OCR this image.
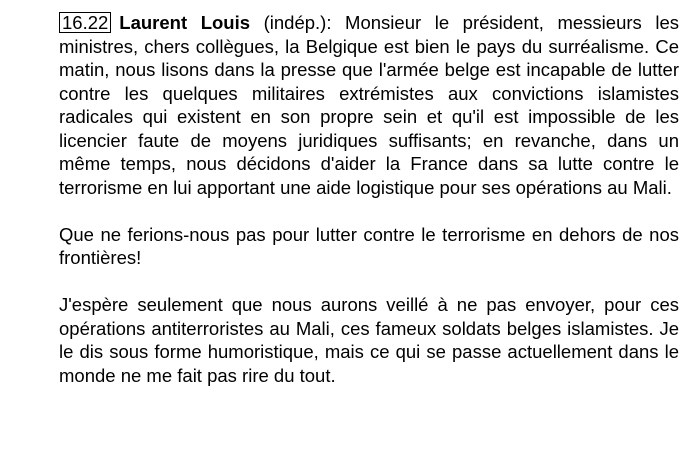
16.22 Laurent Louis (indép.): Monsieur le président, messieurs les ministres, chers collègues, la Belgique est bien le pays du surréalisme. Ce matin, nous lisons dans la presse que l'armée belge est incapable de lutter contre les quelques militaires extrémistes aux convictions islamistes radicales qui existent en son propre sein et qu'il est impossible de les licencier faute de moyens juridiques suffisants; en revanche, dans un même temps, nous décidons d'aider la France dans sa lutte contre le terrorisme en lui apportant une aide logistique pour ses opérations au Mali.

Que ne ferions-nous pas pour lutter contre le terrorisme en dehors de nos frontières!

J'espère seulement que nous aurons veillé à ne pas envoyer, pour ces opérations antiterroristes au Mali, ces fameux soldats belges islamistes. Je le dis sous forme humoristique, mais ce qui se passe actuellement dans le monde ne me fait pas rire du tout.
